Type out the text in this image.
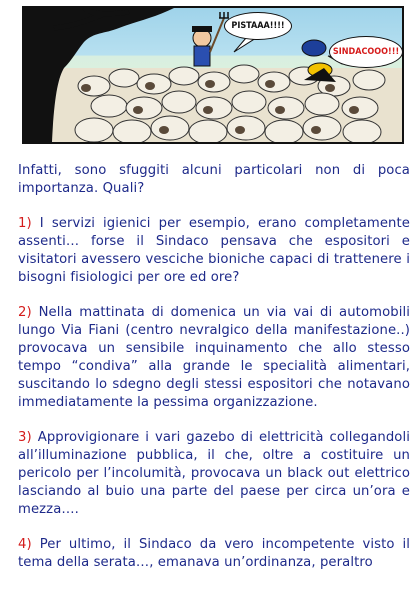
PISTAAA!!!!
SINDACOOO!!!

Infatti, sono sfuggiti alcuni particolari non di poca importanza. Quali?

1) I servizi igienici per esempio, erano completamente assenti… forse il Sindaco pensava che espositori e visitatori avessero vesciche bioniche capaci di trattenere i bisogni fisiologici per ore ed ore?

2) Nella mattinata di domenica un via vai di automobili lungo Via Fiani (centro nevralgico della manifestazione..) provocava un sensibile inquinamento che allo stesso tempo “condiva” alla grande le specialità alimentari, suscitando lo sdegno degli stessi espositori che notavano immediatamente la pessima organizzazione.

3) Approvigionare i vari gazebo di elettricità collegandoli all’illuminazione pubblica, il che, oltre a costituire un pericolo per l’incolumità, provocava un black out elettrico lasciando al buio una parte del paese per circa un’ora e mezza….

4) Per ultimo, il Sindaco da vero incompetente visto il tema della serata…, emanava un’ordinanza, peraltro
